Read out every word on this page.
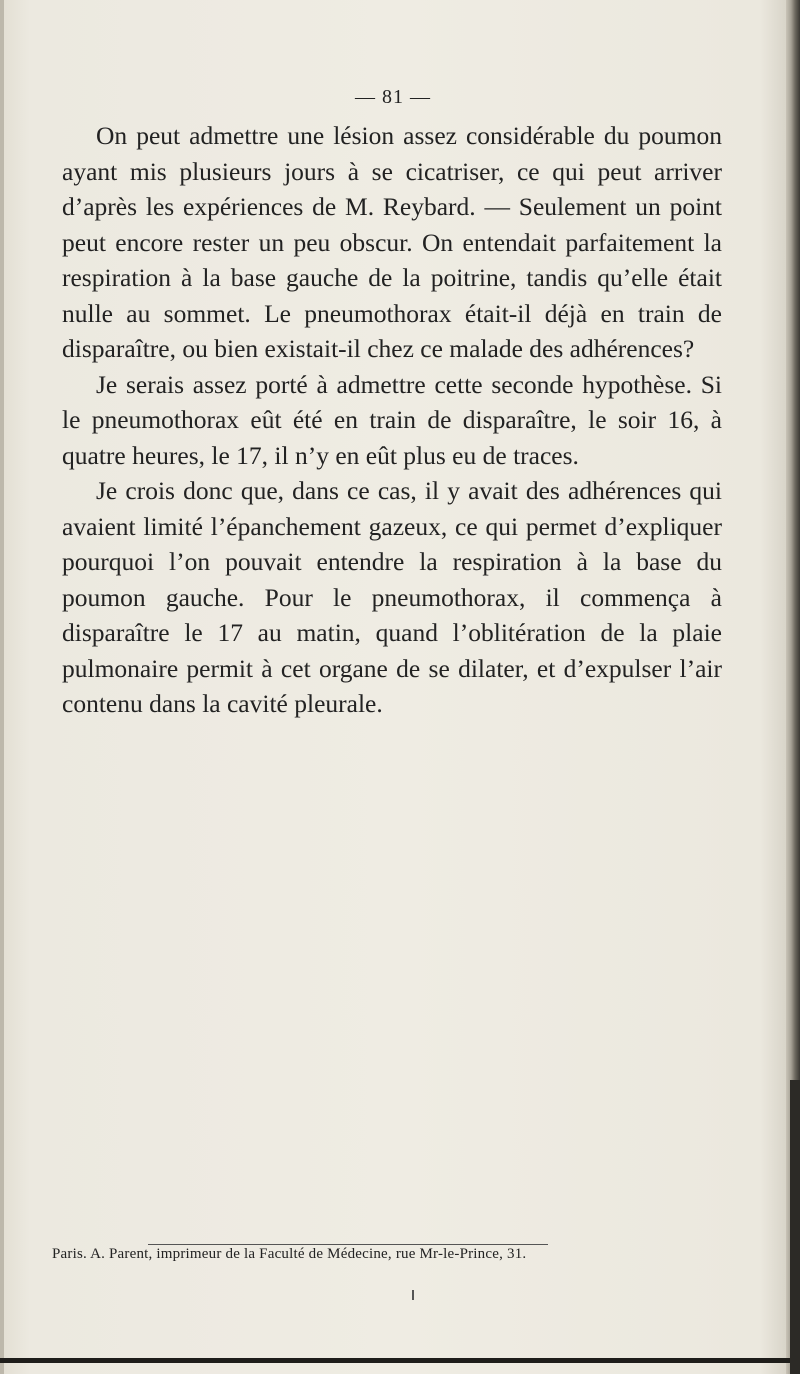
— 81 —

On peut admettre une lésion assez considérable du poumon ayant mis plusieurs jours à se cicatriser, ce qui peut arriver d’après les expériences de M. Reybard. — Seulement un point peut encore rester un peu obscur. On entendait parfaitement la respiration à la base gauche de la poitrine, tandis qu’elle était nulle au sommet. Le pneumothorax était-il déjà en train de disparaître, ou bien existait-il chez ce malade des adhérences?

Je serais assez porté à admettre cette seconde hypothèse. Si le pneumothorax eût été en train de disparaître, le soir 16, à quatre heures, le 17, il n’y en eût plus eu de traces.

Je crois donc que, dans ce cas, il y avait des adhérences qui avaient limité l’épanchement gazeux, ce qui permet d’expliquer pourquoi l’on pouvait entendre la respiration à la base du poumon gauche. Pour le pneumothorax, il commença à disparaître le 17 au matin, quand l’oblitération de la plaie pulmonaire permit à cet organe de se dilater, et d’expulser l’air contenu dans la cavité pleurale.

Paris. A. Parent, imprimeur de la Faculté de Médecine, rue Mr-le-Prince, 31.
